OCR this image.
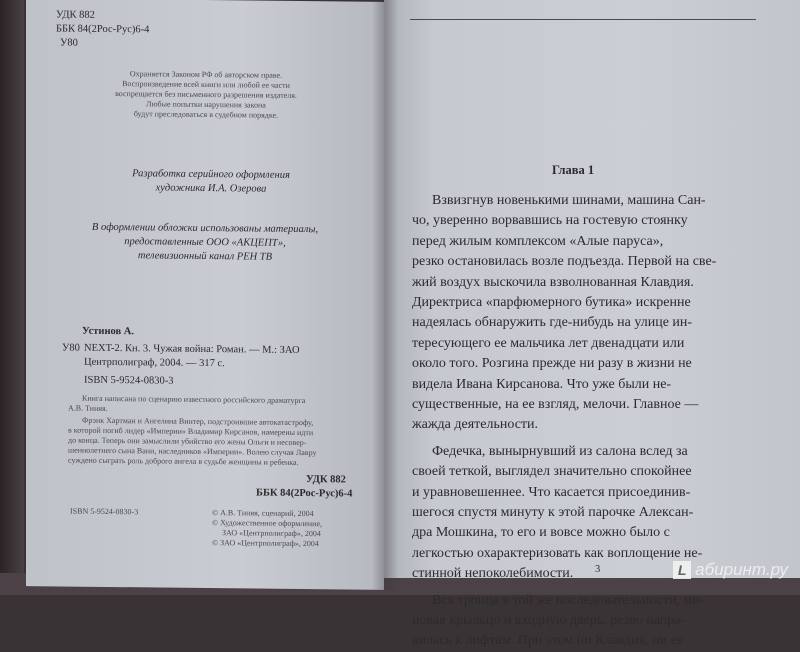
УДК 882
ББК 84(2Рос-Рус)6-4
У80
Охраняется Законом РФ об авторском праве.
Воспроизведение всей книги или любой ее части
воспрещается без письменного разрешения издателя.
Любые попытки нарушения закона
будут преследоваться в судебном порядке.
Разработка серийного оформления
художника И.А. Озерова
В оформлении обложки использованы материалы,
предоставленные ООО «АКЦЕПТ»,
телевизионный канал РЕН ТВ
Устинов А.
У80 NEXT-2. Кн. 3. Чужая война: Роман. — М.: ЗАО
Центрполиграф, 2004. — 317 с.
ISBN 5-9524-0830-3
Книга написана по сценарию известного российского драматурга
А.В. Тиняя.
Фрэнк Хартман и Ангелина Винтер, подстроившие автокатастрофу,
в которой погиб лидер «Империи» Владимир Кирсанов, намерены идти
до конца. Теперь они замыслили убийство его жены Ольги и несовер-
шеннолетнего сына Вани, наследников «Империи». Волею случая Лавру
суждено сыграть роль доброго ангела в судьбе женщины и ребенка.
УДК 882
ББК 84(2Рос-Рус)6-4
ISBN 5-9524-0830-3	© А.В. Тиняя, сценарий, 2004
© Художественное оформление,
ЗАО «Центрполиграф», 2004
© ЗАО «Центрполиграф», 2004
Глава 1
Взвизгнув новенькими шинами, машина Сан-
чо, уверенно ворвавшись на гостевую стоянку
перед жилым комплексом «Алые паруса»,
резко остановилась возле подъезда. Первой на све-
жий воздух выскочила взволнованная Клавдия.
Директриса «парфюмерного бутика» искренне
надеялась обнаружить где-нибудь на улице ин-
тересующего ее мальчика лет двенадцати или
около того. Розгина прежде ни разу в жизни не
видела Ивана Кирсанова. Что уже были не-
существенные, на ее взгляд, мелочи. Главное —
жажда деятельности.
Федечка, вынырнувший из салона вслед за
своей теткой, выглядел значительно спокойнее
и уравновешеннее. Что касается присоединив-
шегося спустя минуту к этой парочке Алексан-
дра Мошкина, то его и вовсе можно было с
легкостью охарактеризовать как воплощение не-
стинной непоколебимости.
Вся троица в той же последовательности, ми-
новав крыльцо и входную дверь, резво напра-
вилась к лифтам. При этом ни Клавдия, ни ее
3	L абиринт.ру
